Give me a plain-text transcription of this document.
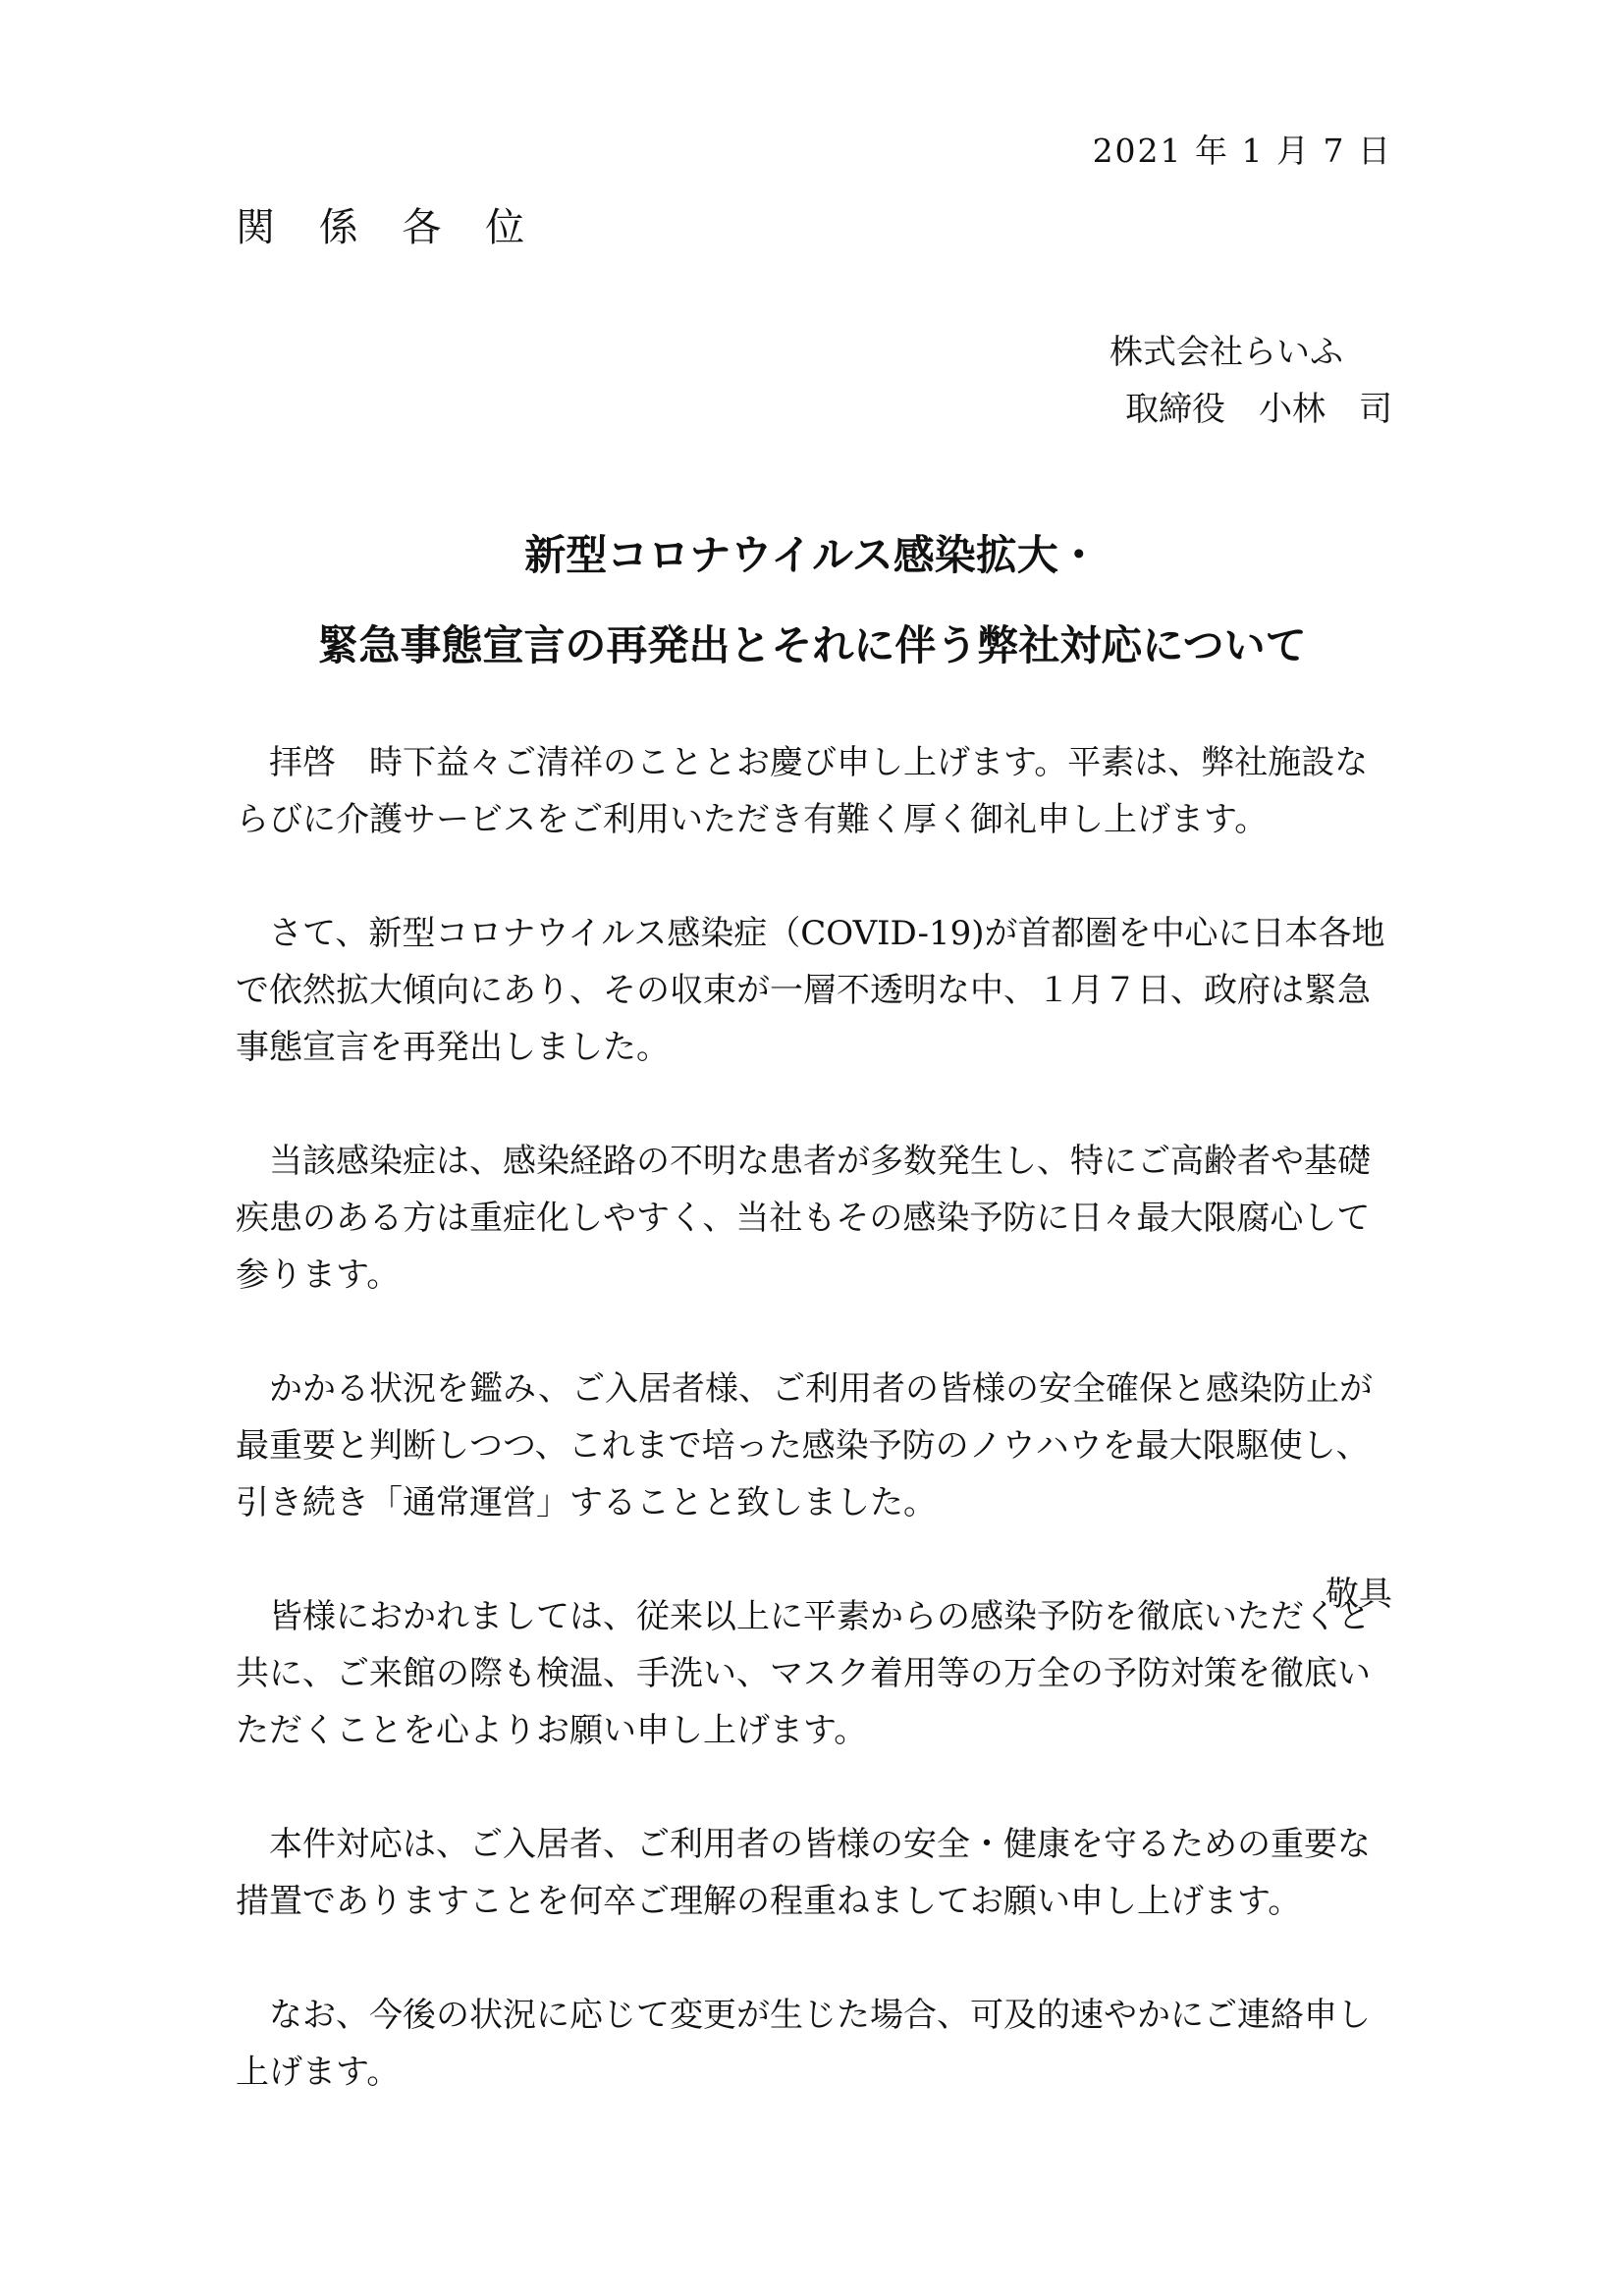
2021 年 1 月 7 日
関 係 各 位
株式会社らいふ
取締役　小林　司
新型コロナウイルス感染拡大・
緊急事態宣言の再発出とそれに伴う弊社対応について

拝啓　時下益々ご清祥のこととお慶び申し上げます。平素は、弊社施設ならびに介護サービスをご利用いただき有難く厚く御礼申し上げます。

さて、新型コロナウイルス感染症（COVID-19)が首都圏を中心に日本各地で依然拡大傾向にあり、その収束が一層不透明な中、１月７日、政府は緊急事態宣言を再発出しました。

当該感染症は、感染経路の不明な患者が多数発生し、特にご高齢者や基礎疾患のある方は重症化しやすく、当社もその感染予防に日々最大限腐心して参ります。

かかる状況を鑑み、ご入居者様、ご利用者の皆様の安全確保と感染防止が最重要と判断しつつ、これまで培った感染予防のノウハウを最大限駆使し、引き続き「通常運営」することと致しました。

皆様におかれましては、従来以上に平素からの感染予防を徹底いただくと共に、ご来館の際も検温、手洗い、マスク着用等の万全の予防対策を徹底いただくことを心よりお願い申し上げます。

本件対応は、ご入居者、ご利用者の皆様の安全・健康を守るための重要な措置でありますことを何卒ご理解の程重ねましてお願い申し上げます。

なお、今後の状況に応じて変更が生じた場合、可及的速やかにご連絡申し上げます。

敬具
